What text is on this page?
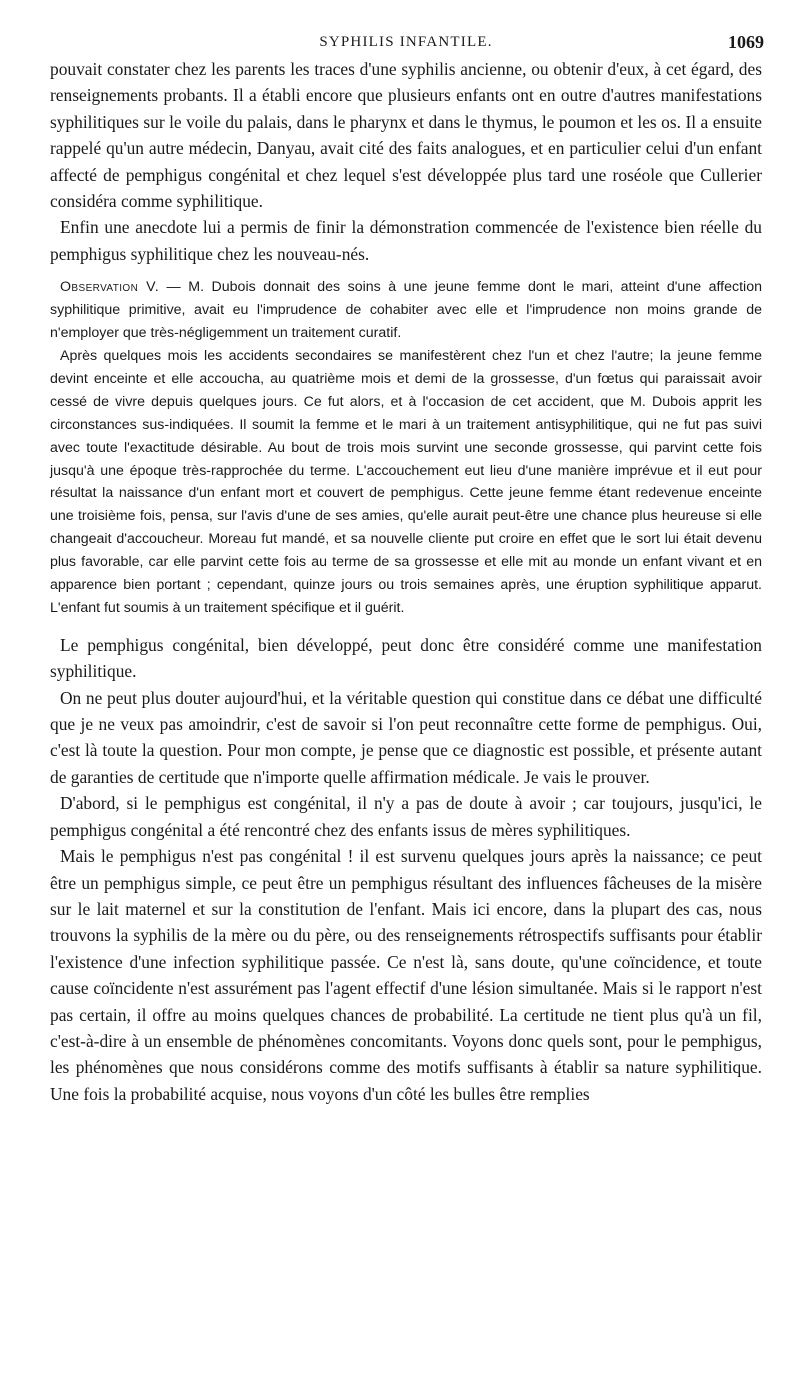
SYPHILIS INFANTILE.	1069

pouvait constater chez les parents les traces d'une syphilis ancienne, ou obtenir d'eux, à cet égard, des renseignements probants. Il a établi encore que plusieurs enfants ont en outre d'autres manifestations syphilitiques sur le voile du palais, dans le pharynx et dans le thymus, le poumon et les os. Il a ensuite rappelé qu'un autre médecin, Danyau, avait cité des faits analogues, et en particulier celui d'un enfant affecté de pemphigus congénital et chez lequel s'est développée plus tard une roséole que Cullerier considéra comme syphilitique.

Enfin une anecdote lui a permis de finir la démonstration commencée de l'existence bien réelle du pemphigus syphilitique chez les nouveau-nés.

Observation V. — M. Dubois donnait des soins à une jeune femme dont le mari, atteint d'une affection syphilitique primitive, avait eu l'imprudence de cohabiter avec elle et l'imprudence non moins grande de n'employer que très-négligemment un traitement curatif.

Après quelques mois les accidents secondaires se manifestèrent chez l'un et chez l'autre; la jeune femme devint enceinte et elle accoucha, au quatrième mois et demi de la grossesse, d'un fœtus qui paraissait avoir cessé de vivre depuis quelques jours. Ce fut alors, et à l'occasion de cet accident, que M. Dubois apprit les circonstances sus-indiquées. Il soumit la femme et le mari à un traitement antisyphilitique, qui ne fut pas suivi avec toute l'exactitude désirable. Au bout de trois mois survint une seconde grossesse, qui parvint cette fois jusqu'à une époque très-rapprochée du terme. L'accouchement eut lieu d'une manière imprévue et il eut pour résultat la naissance d'un enfant mort et couvert de pemphigus. Cette jeune femme étant redevenue enceinte une troisième fois, pensa, sur l'avis d'une de ses amies, qu'elle aurait peut-être une chance plus heureuse si elle changeait d'accoucheur. Moreau fut mandé, et sa nouvelle cliente put croire en effet que le sort lui était devenu plus favorable, car elle parvint cette fois au terme de sa grossesse et elle mit au monde un enfant vivant et en apparence bien portant ; cependant, quinze jours ou trois semaines après, une éruption syphilitique apparut. L'enfant fut soumis à un traitement spécifique et il guérit.

Le pemphigus congénital, bien développé, peut donc être considéré comme une manifestation syphilitique.

On ne peut plus douter aujourd'hui, et la véritable question qui constitue dans ce débat une difficulté que je ne veux pas amoindrir, c'est de savoir si l'on peut reconnaître cette forme de pemphigus. Oui, c'est là toute la question. Pour mon compte, je pense que ce diagnostic est possible, et présente autant de garanties de certitude que n'importe quelle affirmation médicale. Je vais le prouver.

D'abord, si le pemphigus est congénital, il n'y a pas de doute à avoir ; car toujours, jusqu'ici, le pemphigus congénital a été rencontré chez des enfants issus de mères syphilitiques.

Mais le pemphigus n'est pas congénital ! il est survenu quelques jours après la naissance; ce peut être un pemphigus simple, ce peut être un pemphigus résultant des influences fâcheuses de la misère sur le lait maternel et sur la constitution de l'enfant. Mais ici encore, dans la plupart des cas, nous trouvons la syphilis de la mère ou du père, ou des renseignements rétrospectifs suffisants pour établir l'existence d'une infection syphilitique passée. Ce n'est là, sans doute, qu'une coïncidence, et toute cause coïncidente n'est assurément pas l'agent effectif d'une lésion simultanée. Mais si le rapport n'est pas certain, il offre au moins quelques chances de probabilité. La certitude ne tient plus qu'à un fil, c'est-à-dire à un ensemble de phénomènes concomitants. Voyons donc quels sont, pour le pemphigus, les phénomènes que nous considérons comme des motifs suffisants à établir sa nature syphilitique. Une fois la probabilité acquise, nous voyons d'un côté les bulles être remplies
